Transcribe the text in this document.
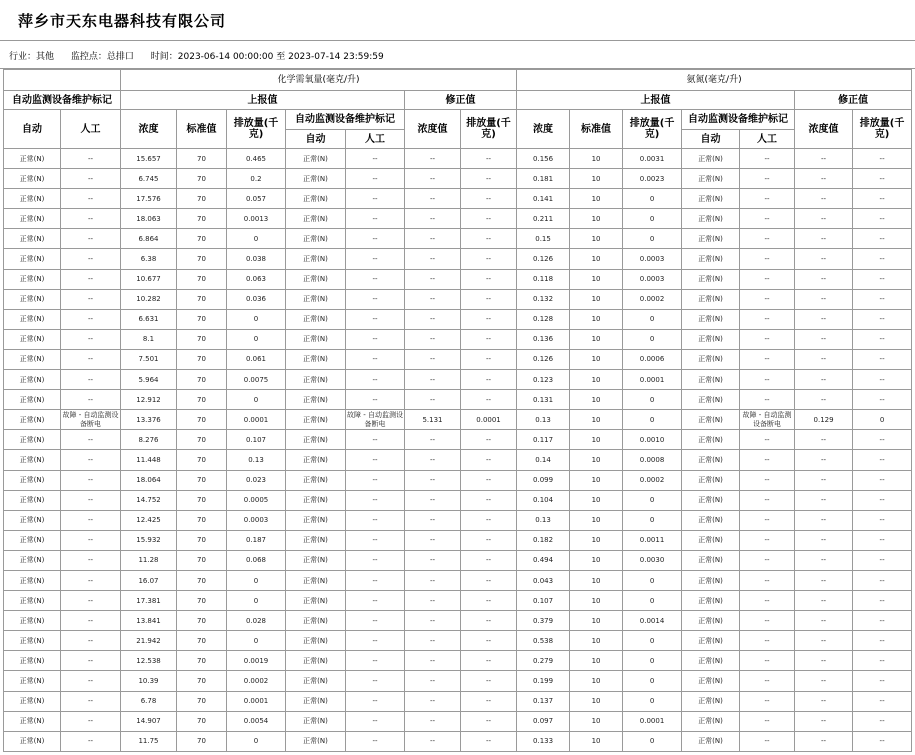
萍乡市天东电器科技有限公司
行业：其他 监控点：总排口 时间：2023-06-14 00:00:00 至 2023-07-14 23:59:59
		化学需氧量(毫克/升)							氨氮(毫克/升)						
自动监测设备维护标记		上报值					修正值		上报值					修正值	
自动	人工	浓度	标准值	排放量(千克)	自动监测设备维护标记		浓度值	排放量(千克)	浓度	标准值	排放量(千克)	自动监测设备维护标记		浓度值	排放量(千克)
					自动	人工						自动	人工		
正常(N)	--	15.657	70	0.465	正常(N)	--	--	--	0.156	10	0.0031	正常(N)	--	--	--
正常(N)	--	6.745	70	0.2	正常(N)	--	--	--	0.181	10	0.0023	正常(N)	--	--	--
正常(N)	--	17.576	70	0.057	正常(N)	--	--	--	0.141	10	0	正常(N)	--	--	--
正常(N)	--	18.063	70	0.0013	正常(N)	--	--	--	0.211	10	0	正常(N)	--	--	--
正常(N)	--	6.864	70	0	正常(N)	--	--	--	0.15	10	0	正常(N)	--	--	--
正常(N)	--	6.38	70	0.038	正常(N)	--	--	--	0.126	10	0.0003	正常(N)	--	--	--
正常(N)	--	10.677	70	0.063	正常(N)	--	--	--	0.118	10	0.0003	正常(N)	--	--	--
正常(N)	--	10.282	70	0.036	正常(N)	--	--	--	0.132	10	0.0002	正常(N)	--	--	--
正常(N)	--	6.631	70	0	正常(N)	--	--	--	0.128	10	0	正常(N)	--	--	--
正常(N)	--	8.1	70	0	正常(N)	--	--	--	0.136	10	0	正常(N)	--	--	--
正常(N)	--	7.501	70	0.061	正常(N)	--	--	--	0.126	10	0.0006	正常(N)	--	--	--
正常(N)	--	5.964	70	0.0075	正常(N)	--	--	--	0.123	10	0.0001	正常(N)	--	--	--
正常(N)	--	12.912	70	0	正常(N)	--	--	--	0.131	10	0	正常(N)	--	--	--
正常(N)	故障 - 自动监测设备断电	13.376	70	0.0001	正常(N)	故障 - 自动监测设备断电	5.131	0.0001	0.13	10	0	正常(N)	故障 - 自动监测设备断电	0.129	0
正常(N)	--	8.276	70	0.107	正常(N)	--	--	--	0.117	10	0.0010	正常(N)	--	--	--
正常(N)	--	11.448	70	0.13	正常(N)	--	--	--	0.14	10	0.0008	正常(N)	--	--	--
正常(N)	--	18.064	70	0.023	正常(N)	--	--	--	0.099	10	0.0002	正常(N)	--	--	--
正常(N)	--	14.752	70	0.0005	正常(N)	--	--	--	0.104	10	0	正常(N)	--	--	--
正常(N)	--	12.425	70	0.0003	正常(N)	--	--	--	0.13	10	0	正常(N)	--	--	--
正常(N)	--	15.932	70	0.187	正常(N)	--	--	--	0.182	10	0.0011	正常(N)	--	--	--
正常(N)	--	11.28	70	0.068	正常(N)	--	--	--	0.494	10	0.0030	正常(N)	--	--	--
正常(N)	--	16.07	70	0	正常(N)	--	--	--	0.043	10	0	正常(N)	--	--	--
正常(N)	--	17.381	70	0	正常(N)	--	--	--	0.107	10	0	正常(N)	--	--	--
正常(N)	--	13.841	70	0.028	正常(N)	--	--	--	0.379	10	0.0014	正常(N)	--	--	--
正常(N)	--	21.942	70	0	正常(N)	--	--	--	0.538	10	0	正常(N)	--	--	--
正常(N)	--	12.538	70	0.0019	正常(N)	--	--	--	0.279	10	0	正常(N)	--	--	--
正常(N)	--	10.39	70	0.0002	正常(N)	--	--	--	0.199	10	0	正常(N)	--	--	--
正常(N)	--	6.78	70	0.0001	正常(N)	--	--	--	0.137	10	0	正常(N)	--	--	--
正常(N)	--	14.907	70	0.0054	正常(N)	--	--	--	0.097	10	0.0001	正常(N)	--	--	--
正常(N)	--	11.75	70	0	正常(N)	--	--	--	0.133	10	0	正常(N)	--	--	--
